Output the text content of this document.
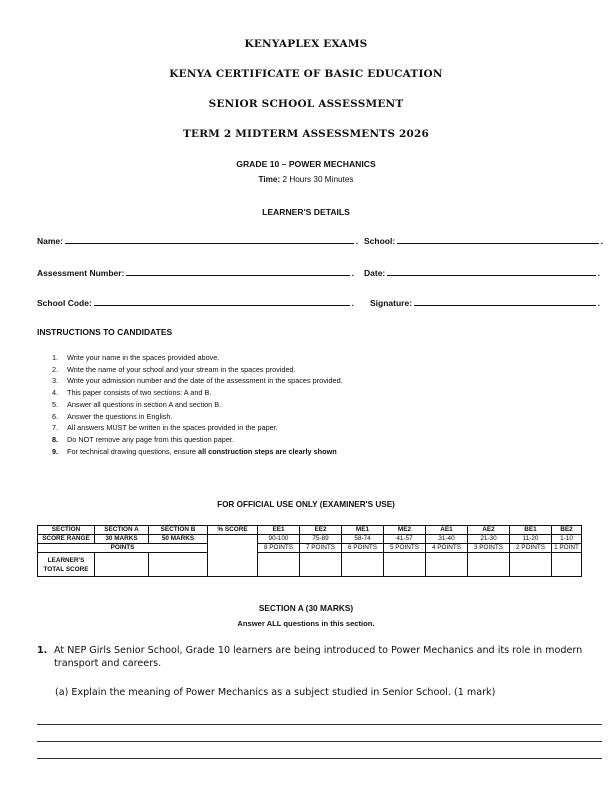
KENYAPLEX EXAMS
KENYA CERTIFICATE OF BASIC EDUCATION
SENIOR SCHOOL ASSESSMENT
TERM 2 MIDTERM ASSESSMENTS 2026
GRADE 10 – POWER MECHANICS
Time: 2 Hours 30 Minutes
LEARNER'S DETAILS
Name:	. School:	.
Assessment Number:	. Date:	.
School Code:	. Signature:	.
INSTRUCTIONS TO CANDIDATES
1. Write your name in the spaces provided above.
2. Write the name of your school and your stream in the spaces provided.
3. Write your admission number and the date of the assessment in the spaces provided.
4. This paper consists of two sections: A and B.
5. Answer all questions in section A and section B.
6. Answer the questions in English.
7. All answers MUST be written in the spaces provided in the paper.
8. Do NOT remove any page from this question paper.
9. For technical drawing questions, ensure all construction steps are clearly shown
FOR OFFICIAL USE ONLY (EXAMINER'S USE)
SECTION	SECTION A	SECTION B	% SCORE	EE1	EE2	ME1	ME2	AE1	AE2	BE1	BE2
SCORE RANGE	30 MARKS	50 MARKS		90-100	75-89	58-74	41-57	31-40	21-30	11-20	1-10
POINTS				8 POINTS	7 POINTS	6 POINTS	5 POINTS	4 POINTS	3 POINTS	2 POINTS	1 POINT
LEARNER'S TOTAL SCORE											
SECTION A (30 MARKS)
Answer ALL questions in this section.
1. At NEP Girls Senior School, Grade 10 learners are being introduced to Power Mechanics and its role in modern transport and careers.
(a) Explain the meaning of Power Mechanics as a subject studied in Senior School. (1 mark)
